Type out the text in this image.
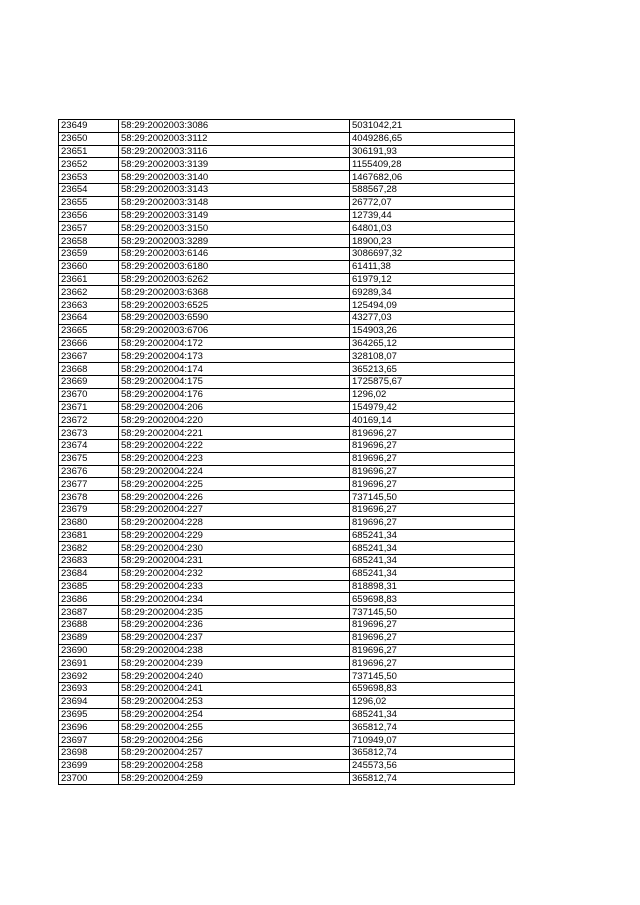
23649	58:29:2002003:3086	5031042,21
23650	58:29:2002003:3112	4049286,65
23651	58:29:2002003:3116	306191,93
23652	58:29:2002003:3139	1155409,28
23653	58:29:2002003:3140	1467682,06
23654	58:29:2002003:3143	588567,28
23655	58:29:2002003:3148	26772,07
23656	58:29:2002003:3149	12739,44
23657	58:29:2002003:3150	64801,03
23658	58:29:2002003:3289	18900,23
23659	58:29:2002003:6146	3086697,32
23660	58:29:2002003:6180	61411,38
23661	58:29:2002003:6262	61979,12
23662	58:29:2002003:6368	69289,34
23663	58:29:2002003:6525	125494,09
23664	58:29:2002003:6590	43277,03
23665	58:29:2002003:6706	154903,26
23666	58:29:2002004:172	364265,12
23667	58:29:2002004:173	328108,07
23668	58:29:2002004:174	365213,65
23669	58:29:2002004:175	1725875,67
23670	58:29:2002004:176	1296,02
23671	58:29:2002004:206	154979,42
23672	58:29:2002004:220	40169,14
23673	58:29:2002004:221	819696,27
23674	58:29:2002004:222	819696,27
23675	58:29:2002004:223	819696,27
23676	58:29:2002004:224	819696,27
23677	58:29:2002004:225	819696,27
23678	58:29:2002004:226	737145,50
23679	58:29:2002004:227	819696,27
23680	58:29:2002004:228	819696,27
23681	58:29:2002004:229	685241,34
23682	58:29:2002004:230	685241,34
23683	58:29:2002004:231	685241,34
23684	58:29:2002004:232	685241,34
23685	58:29:2002004:233	818898,31
23686	58:29:2002004:234	659698,83
23687	58:29:2002004:235	737145,50
23688	58:29:2002004:236	819696,27
23689	58:29:2002004:237	819696,27
23690	58:29:2002004:238	819696,27
23691	58:29:2002004:239	819696,27
23692	58:29:2002004:240	737145,50
23693	58:29:2002004:241	659698,83
23694	58:29:2002004:253	1296,02
23695	58:29:2002004:254	685241,34
23696	58:29:2002004:255	365812,74
23697	58:29:2002004:256	710949,07
23698	58:29:2002004:257	365812,74
23699	58:29:2002004:258	245573,56
23700	58:29:2002004:259	365812,74
